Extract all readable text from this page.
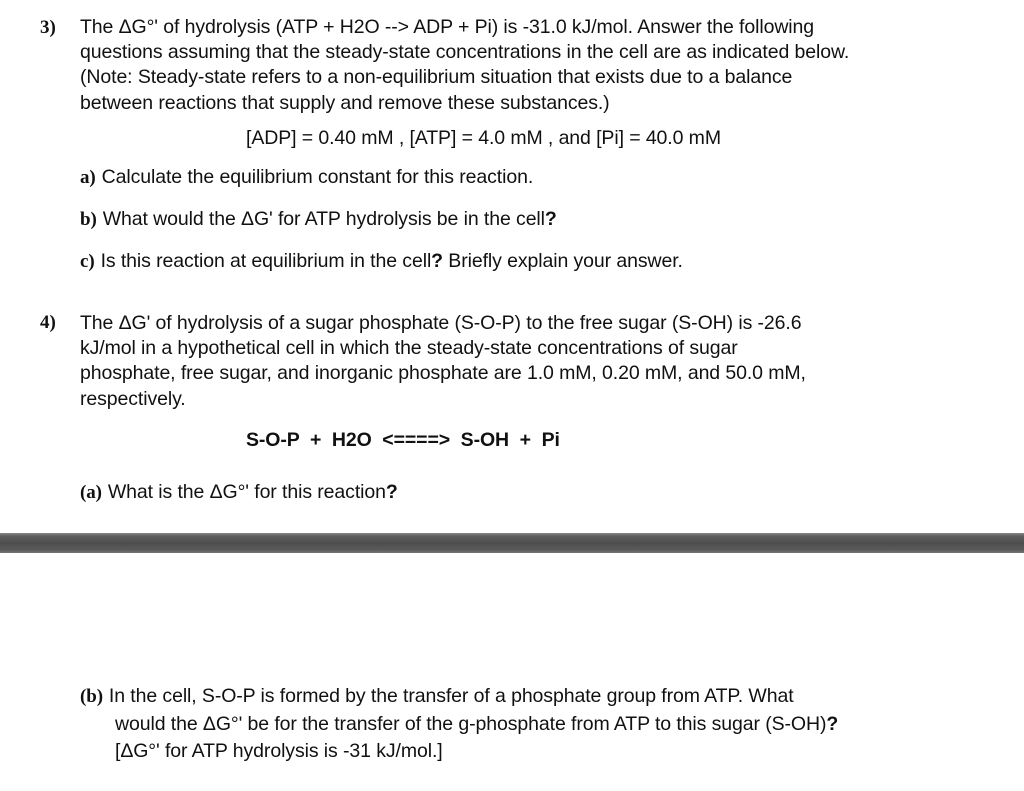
3) The ΔG°' of hydrolysis (ATP + H2O --> ADP + Pi) is -31.0 kJ/mol. Answer the following
questions assuming that the steady-state concentrations in the cell are as indicated below.
(Note: Steady-state refers to a non-equilibrium situation that exists due to a balance
between reactions that supply and remove these substances.)
[ADP] = 0.40 mM , [ATP] = 4.0 mM , and [Pi] = 40.0 mM
a) Calculate the equilibrium constant for this reaction.
b) What would the ΔG' for ATP hydrolysis be in the cell?
c) Is this reaction at equilibrium in the cell? Briefly explain your answer.
4) The ΔG' of hydrolysis of a sugar phosphate (S-O-P) to the free sugar (S-OH) is -26.6
kJ/mol in a hypothetical cell in which the steady-state concentrations of sugar
phosphate, free sugar, and inorganic phosphate are 1.0 mM, 0.20 mM, and 50.0 mM,
respectively.
S-O-P  +  H2O  <====>  S-OH  +  Pi
(a) What is the ΔG°' for this reaction?
(b) In the cell, S-O-P is formed by the transfer of a phosphate group from ATP. What
would the ΔG°' be for the transfer of the g-phosphate from ATP to this sugar (S-OH)?
[ΔG°' for ATP hydrolysis is -31 kJ/mol.]
